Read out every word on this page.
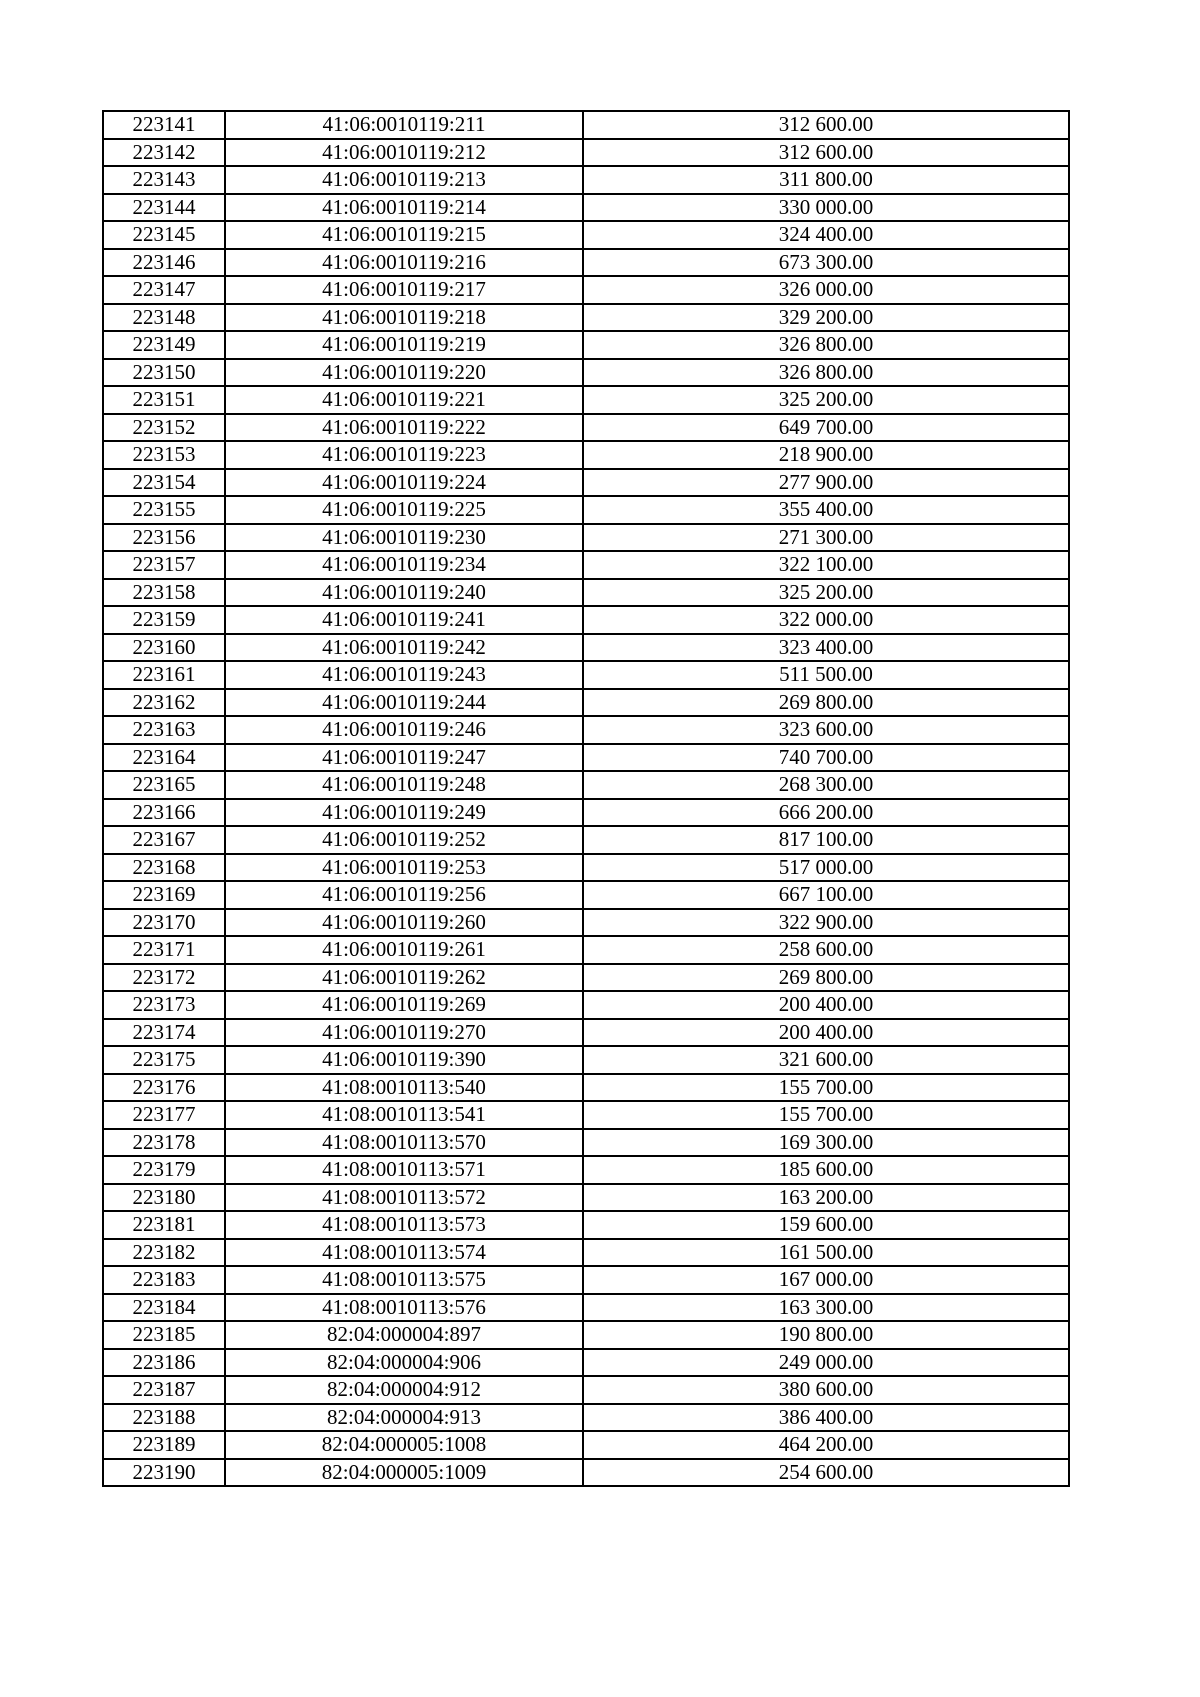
223141	41:06:0010119:211	312 600.00
223142	41:06:0010119:212	312 600.00
223143	41:06:0010119:213	311 800.00
223144	41:06:0010119:214	330 000.00
223145	41:06:0010119:215	324 400.00
223146	41:06:0010119:216	673 300.00
223147	41:06:0010119:217	326 000.00
223148	41:06:0010119:218	329 200.00
223149	41:06:0010119:219	326 800.00
223150	41:06:0010119:220	326 800.00
223151	41:06:0010119:221	325 200.00
223152	41:06:0010119:222	649 700.00
223153	41:06:0010119:223	218 900.00
223154	41:06:0010119:224	277 900.00
223155	41:06:0010119:225	355 400.00
223156	41:06:0010119:230	271 300.00
223157	41:06:0010119:234	322 100.00
223158	41:06:0010119:240	325 200.00
223159	41:06:0010119:241	322 000.00
223160	41:06:0010119:242	323 400.00
223161	41:06:0010119:243	511 500.00
223162	41:06:0010119:244	269 800.00
223163	41:06:0010119:246	323 600.00
223164	41:06:0010119:247	740 700.00
223165	41:06:0010119:248	268 300.00
223166	41:06:0010119:249	666 200.00
223167	41:06:0010119:252	817 100.00
223168	41:06:0010119:253	517 000.00
223169	41:06:0010119:256	667 100.00
223170	41:06:0010119:260	322 900.00
223171	41:06:0010119:261	258 600.00
223172	41:06:0010119:262	269 800.00
223173	41:06:0010119:269	200 400.00
223174	41:06:0010119:270	200 400.00
223175	41:06:0010119:390	321 600.00
223176	41:08:0010113:540	155 700.00
223177	41:08:0010113:541	155 700.00
223178	41:08:0010113:570	169 300.00
223179	41:08:0010113:571	185 600.00
223180	41:08:0010113:572	163 200.00
223181	41:08:0010113:573	159 600.00
223182	41:08:0010113:574	161 500.00
223183	41:08:0010113:575	167 000.00
223184	41:08:0010113:576	163 300.00
223185	82:04:000004:897	190 800.00
223186	82:04:000004:906	249 000.00
223187	82:04:000004:912	380 600.00
223188	82:04:000004:913	386 400.00
223189	82:04:000005:1008	464 200.00
223190	82:04:000005:1009	254 600.00
